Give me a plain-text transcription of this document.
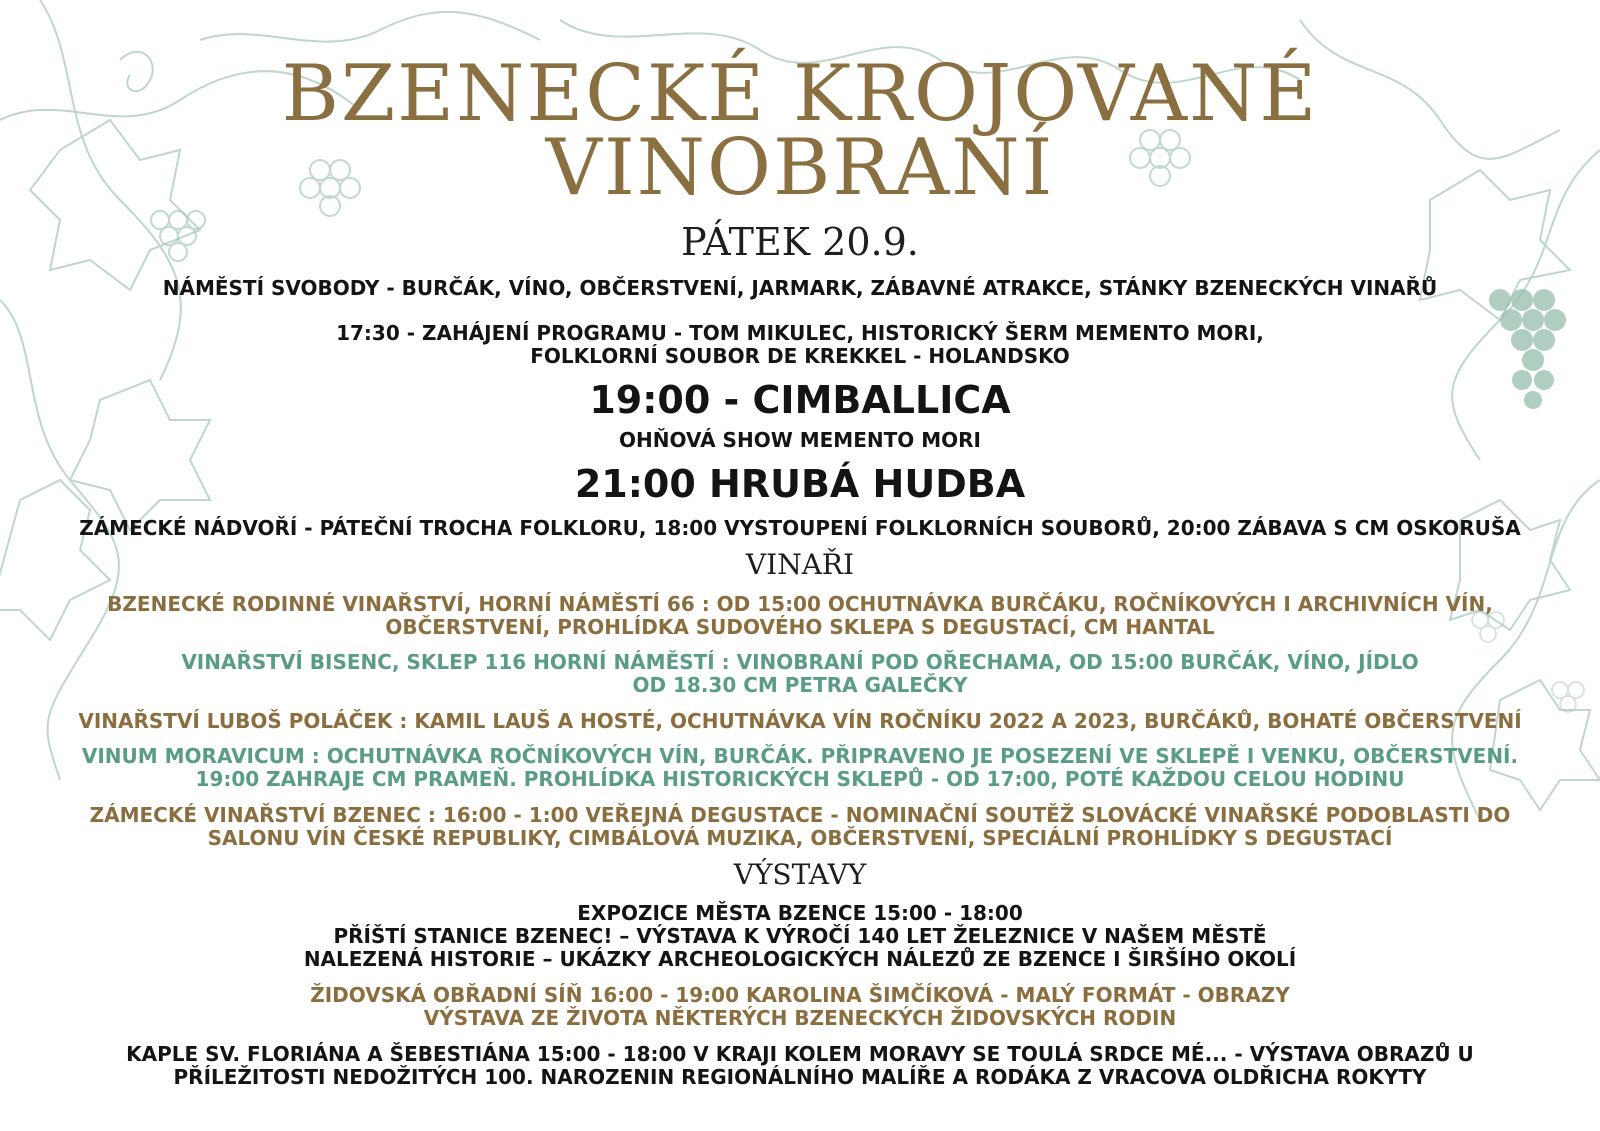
BZENECKÉ KROJOVANÉ
VINOBRANÍ
PÁTEK 20.9.
NÁMĚSTÍ SVOBODY - BURČÁK, VÍNO, OBČERSTVENÍ, JARMARK, ZÁBAVNÉ ATRAKCE, STÁNKY BZENECKÝCH VINAŘŮ
17:30 - ZAHÁJENÍ PROGRAMU - TOM MIKULEC, HISTORICKÝ ŠERM MEMENTO MORI,
FOLKLORNÍ SOUBOR DE KREKKEL - HOLANDSKO
19:00 - CIMBALLICA
OHŇOVÁ SHOW MEMENTO MORI
21:00 HRUBÁ HUDBA
ZÁMECKÉ NÁDVOŘÍ - PÁTEČNÍ TROCHA FOLKLORU, 18:00 VYSTOUPENÍ FOLKLORNÍCH SOUBORŮ, 20:00 ZÁBAVA S CM OSKORUŠA
VINAŘI
BZENECKÉ RODINNÉ VINAŘSTVÍ, HORNÍ NÁMĚSTÍ 66 : OD 15:00 OCHUTNÁVKA BURČÁKU, ROČNÍKOVÝCH I ARCHIVNÍCH VÍN,
OBČERSTVENÍ, PROHLÍDKA SUDOVÉHO SKLEPA S DEGUSTACÍ, CM HANTAL
VINAŘSTVÍ BISENC, SKLEP 116 HORNÍ NÁMĚSTÍ : VINOBRANÍ POD OŘECHAMA, OD 15:00 BURČÁK, VÍNO, JÍDLO
OD 18.30 CM PETRA GALEČKY
VINAŘSTVÍ LUBOŠ POLÁČEK : KAMIL LAUŠ A HOSTÉ, OCHUTNÁVKA VÍN ROČNÍKU 2022 A 2023, BURČÁKŮ, BOHATÉ OBČERSTVENÍ
VINUM MORAVICUM : OCHUTNÁVKA ROČNÍKOVÝCH VÍN, BURČÁK. PŘIPRAVENO JE POSEZENÍ VE SKLEPĚ I VENKU, OBČERSTVENÍ.
19:00 ZAHRAJE CM PRAMEŇ. PROHLÍDKA HISTORICKÝCH SKLEPŮ - OD 17:00, POTÉ KAŽDOU CELOU HODINU
ZÁMECKÉ VINAŘSTVÍ BZENEC : 16:00 - 1:00 VEŘEJNÁ DEGUSTACE - NOMINAČNÍ SOUTĚŽ SLOVÁCKÉ VINAŘSKÉ PODOBLASTI DO
SALONU VÍN ČESKÉ REPUBLIKY, CIMBÁLOVÁ MUZIKA, OBČERSTVENÍ, SPECIÁLNÍ PROHLÍDKY S DEGUSTACÍ
VÝSTAVY
EXPOZICE MĚSTA BZENCE 15:00 - 18:00
PŘÍŠTÍ STANICE BZENEC! – VÝSTAVA K VÝROČÍ 140 LET ŽELEZNICE V NAŠEM MĚSTĚ
NALEZENÁ HISTORIE – UKÁZKY ARCHEOLOGICKÝCH NÁLEZŮ ZE BZENCE I ŠIRŠÍHO OKOLÍ
ŽIDOVSKÁ OBŘADNÍ SÍŇ 16:00 - 19:00 KAROLINA ŠIMČÍKOVÁ - MALÝ FORMÁT - OBRAZY
VÝSTAVA ZE ŽIVOTA NĚKTERÝCH BZENECKÝCH ŽIDOVSKÝCH RODIN
KAPLE SV. FLORIÁNA A ŠEBESTIÁNA 15:00 - 18:00 V KRAJI KOLEM MORAVY SE TOULÁ SRDCE MÉ... - VÝSTAVA OBRAZŮ U
PŘÍLEŽITOSTI NEDOŽITÝCH 100. NAROZENIN REGIONÁLNÍHO MALÍŘE A RODÁKA Z VRACOVA OLDŘICHA ROKYTY
